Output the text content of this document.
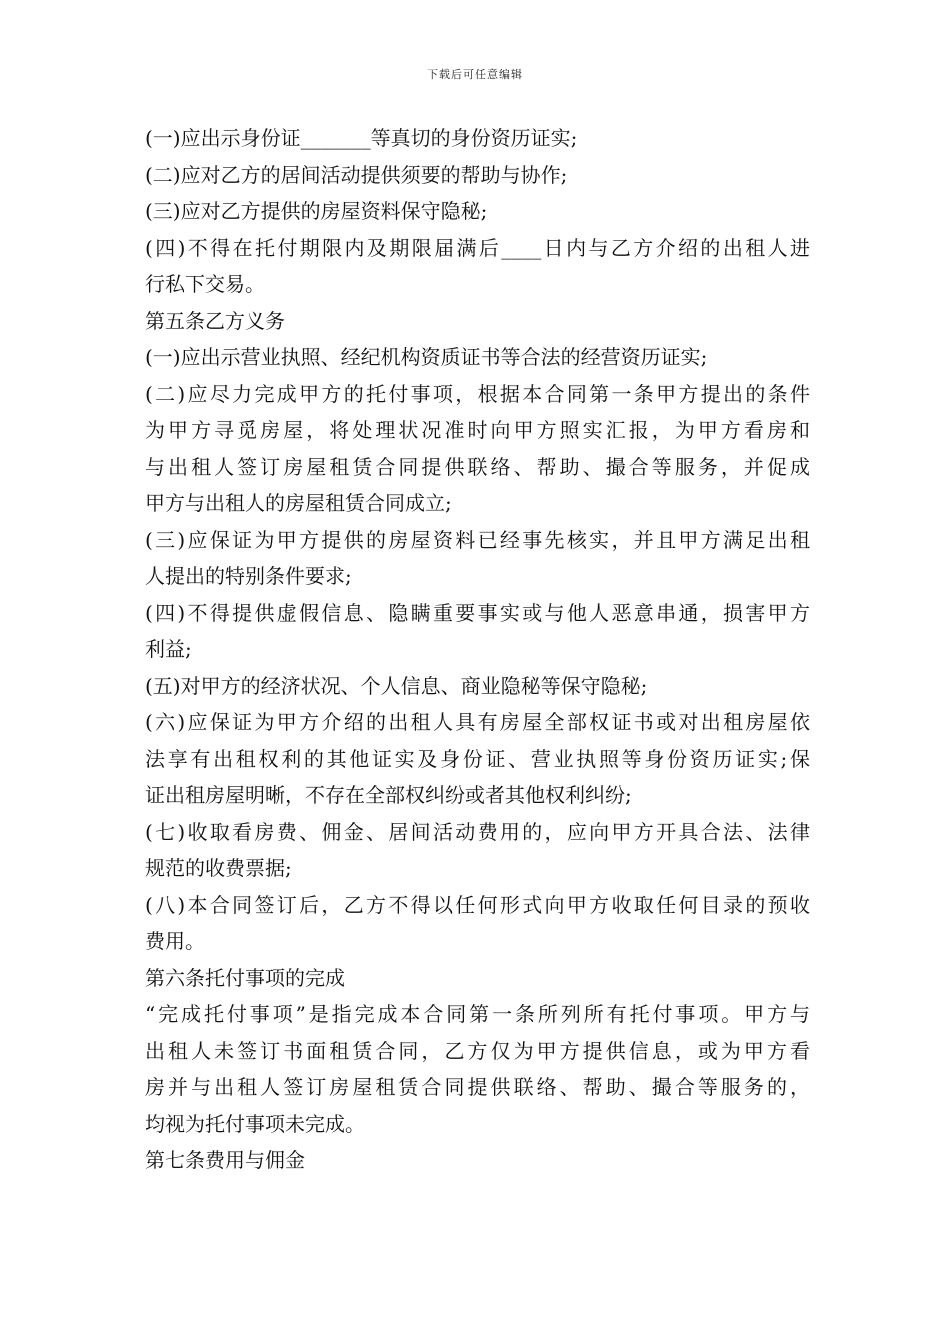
下载后可任意编辑
(一)应出示身份证_______等真切的身份资历证实;
(二)应对乙方的居间活动提供须要的帮助与协作;
(三)应对乙方提供的房屋资料保守隐秘;
(四)不得在托付期限内及期限届满后____日内与乙方介绍的出租人进
行私下交易。
第五条乙方义务
(一)应出示营业执照、经纪机构资质证书等合法的经营资历证实;
(二)应尽力完成甲方的托付事项，根据本合同第一条甲方提出的条件
为甲方寻觅房屋，将处理状况准时向甲方照实汇报，为甲方看房和
与出租人签订房屋租赁合同提供联络、帮助、撮合等服务，并促成
甲方与出租人的房屋租赁合同成立;
(三)应保证为甲方提供的房屋资料已经事先核实，并且甲方满足出租
人提出的特别条件要求;
(四)不得提供虚假信息、隐瞒重要事实或与他人恶意串通，损害甲方
利益;
(五)对甲方的经济状况、个人信息、商业隐秘等保守隐秘;
(六)应保证为甲方介绍的出租人具有房屋全部权证书或对出租房屋依
法享有出租权利的其他证实及身份证、营业执照等身份资历证实;保
证出租房屋明晰，不存在全部权纠纷或者其他权利纠纷;
(七)收取看房费、佣金、居间活动费用的，应向甲方开具合法、法律
规范的收费票据;
(八)本合同签订后，乙方不得以任何形式向甲方收取任何目录的预收
费用。
第六条托付事项的完成
“完成托付事项”是指完成本合同第一条所列所有托付事项。甲方与
出租人未签订书面租赁合同，乙方仅为甲方提供信息，或为甲方看
房并与出租人签订房屋租赁合同提供联络、帮助、撮合等服务的，
均视为托付事项未完成。
第七条费用与佣金
